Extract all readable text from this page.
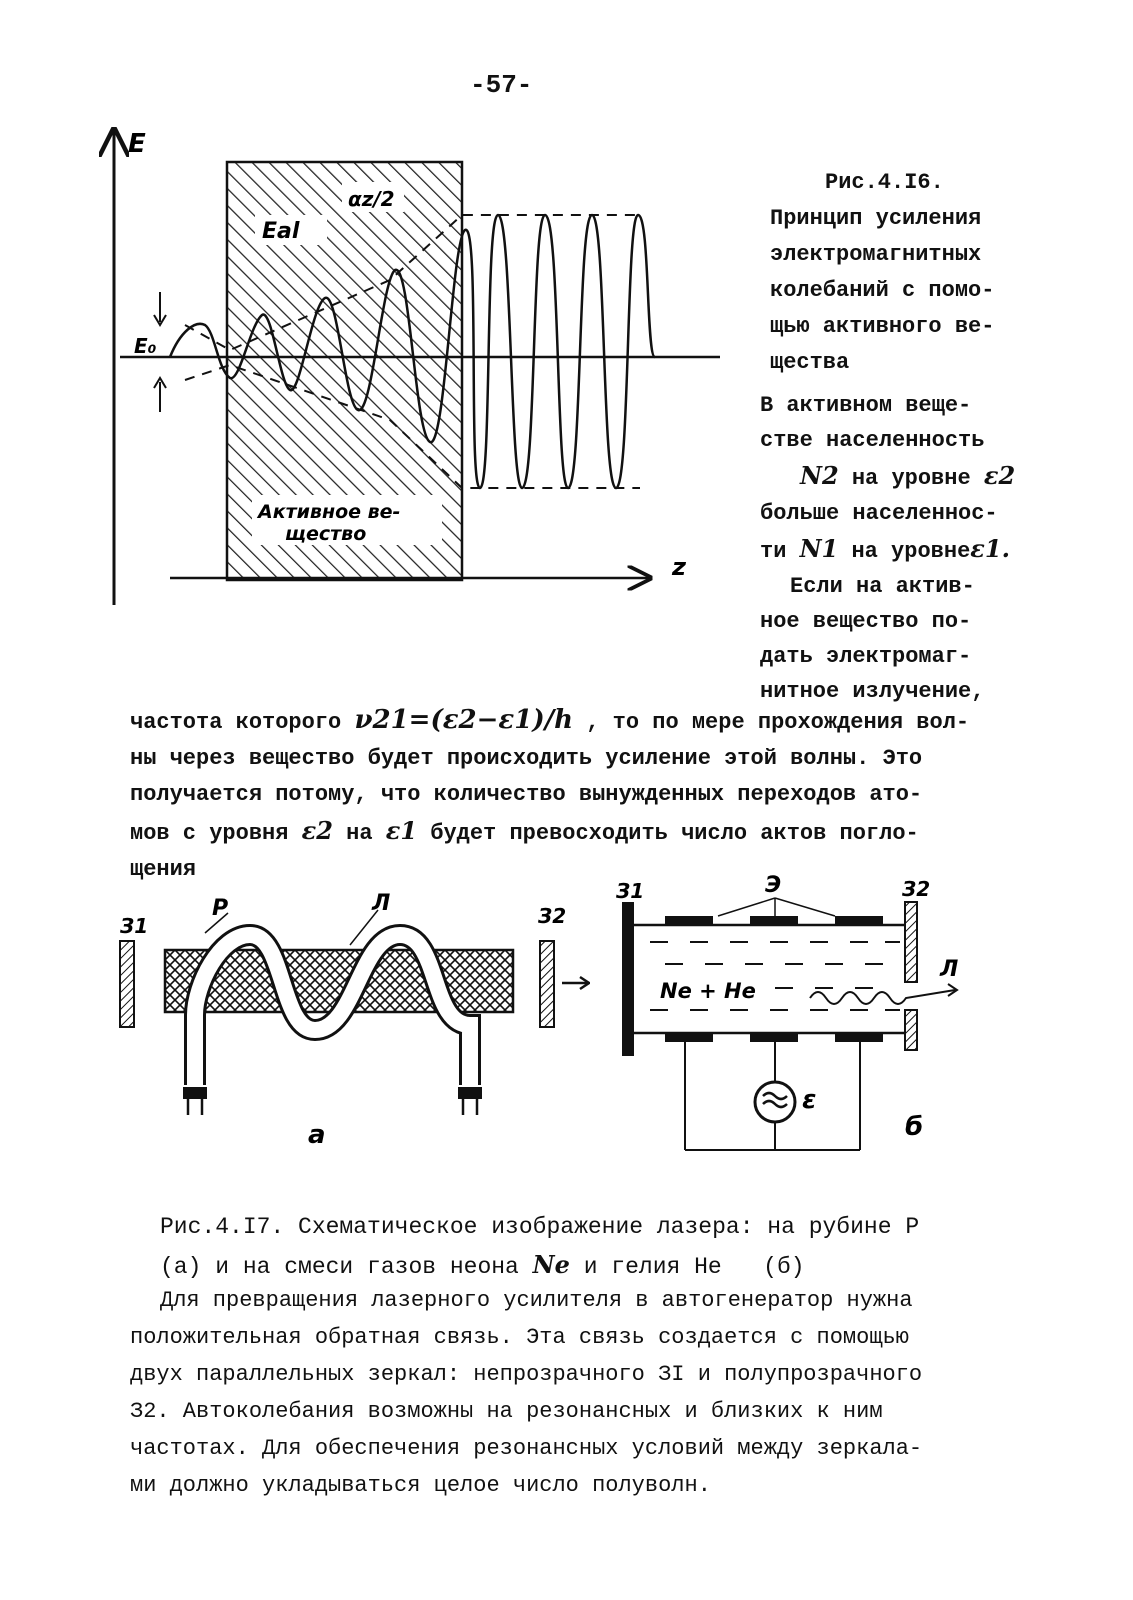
-57-
E
z
Eal
αz/2
E₀
Активное ве-
щество
Рис.4.I6.
Принцип усиления
электромагнитных
колебаний с помо-
щью активного ве-
щества
В активном веще-
стве населенность
N2 на уровне ε2
больше населеннос-
ти N1 на уровнеε1.
Если на актив-
ное вещество по-
дать электромаг-
нитное излучение,
частота которого ν21=(ε2−ε1)/h , то по мере прохождения вол-
ны через вещество будет происходить усиление этой волны. Это
получается потому, что количество вынужденных переходов ато-
мов с уровня ε2 на ε1 будет превосходить число актов погло-
щения
З1
Р	Л	З2
а
З1	Э	З2
Ne + He
Л
ε
б
Рис.4.I7. Схематическое изображение лазера: на рубине Р
(а) и на смеси газов неона Ne и гелия He (б)
Для превращения лазерного усилителя в автогенератор нужна
положительная обратная связь. Эта связь создается с помощью
двух параллельных зеркал: непрозрачного ЗI и полупрозрачного
З2. Автоколебания возможны на резонансных и близких к ним
частотах. Для обеспечения резонансных условий между зеркала-
ми должно укладываться целое число полуволн.
